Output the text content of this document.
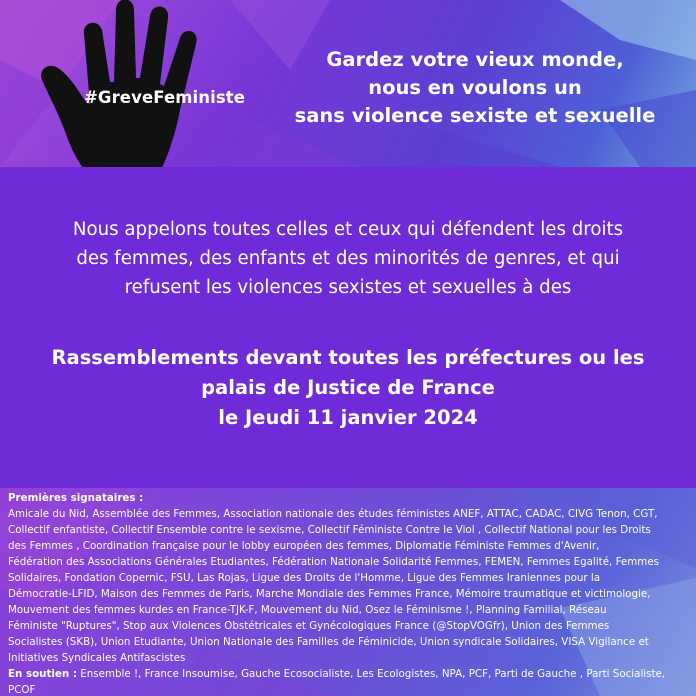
#GreveFeministe
Gardez votre vieux monde,
nous en voulons un
sans violence sexiste et sexuelle
Nous appelons toutes celles et ceux qui défendent les droits
des femmes, des enfants et des minorités de genres, et qui
refusent les violences sexistes et sexuelles à des
Rassemblements devant toutes les préfectures ou les
palais de Justice de France
le Jeudi 11 janvier 2024
Premières signataires :
Amicale du Nid, Assemblée des Femmes, Association nationale des études féministes ANEF, ATTAC, CADAC, CIVG Tenon, CGT,
Collectif enfantiste, Collectif Ensemble contre le sexisme, Collectif Féministe Contre le Viol , Collectif National pour les Droits
des Femmes , Coordination française pour le lobby européen des femmes, Diplomatie Féministe Femmes d'Avenir,
Fédération des Associations Générales Etudiantes, Fédération Nationale Solidarité Femmes, FEMEN, Femmes Egalité, Femmes
Solidaires, Fondation Copernic, FSU, Las Rojas, Ligue des Droits de l'Homme, Ligue des Femmes Iraniennes pour la
Démocratie-LFID, Maison des Femmes de Paris, Marche Mondiale des Femmes France, Mémoire traumatique et victimologie,
Mouvement des femmes kurdes en France-TJK-F, Mouvement du Nid, Osez le Féminisme !, Planning Familial, Réseau
Féministe "Ruptures", Stop aux Violences Obstétricales et Gynécologiques France (@StopVOGfr), Union des Femmes
Socialistes (SKB), Union Etudiante, Union Nationale des Familles de Féminicide, Union syndicale Solidaires, VISA Vigilance et
Initiatives Syndicales Antifascistes
En soutien : Ensemble !, France Insoumise, Gauche Ecosocialiste, Les Ecologistes, NPA, PCF, Parti de Gauche , Parti Socialiste,
PCOF
